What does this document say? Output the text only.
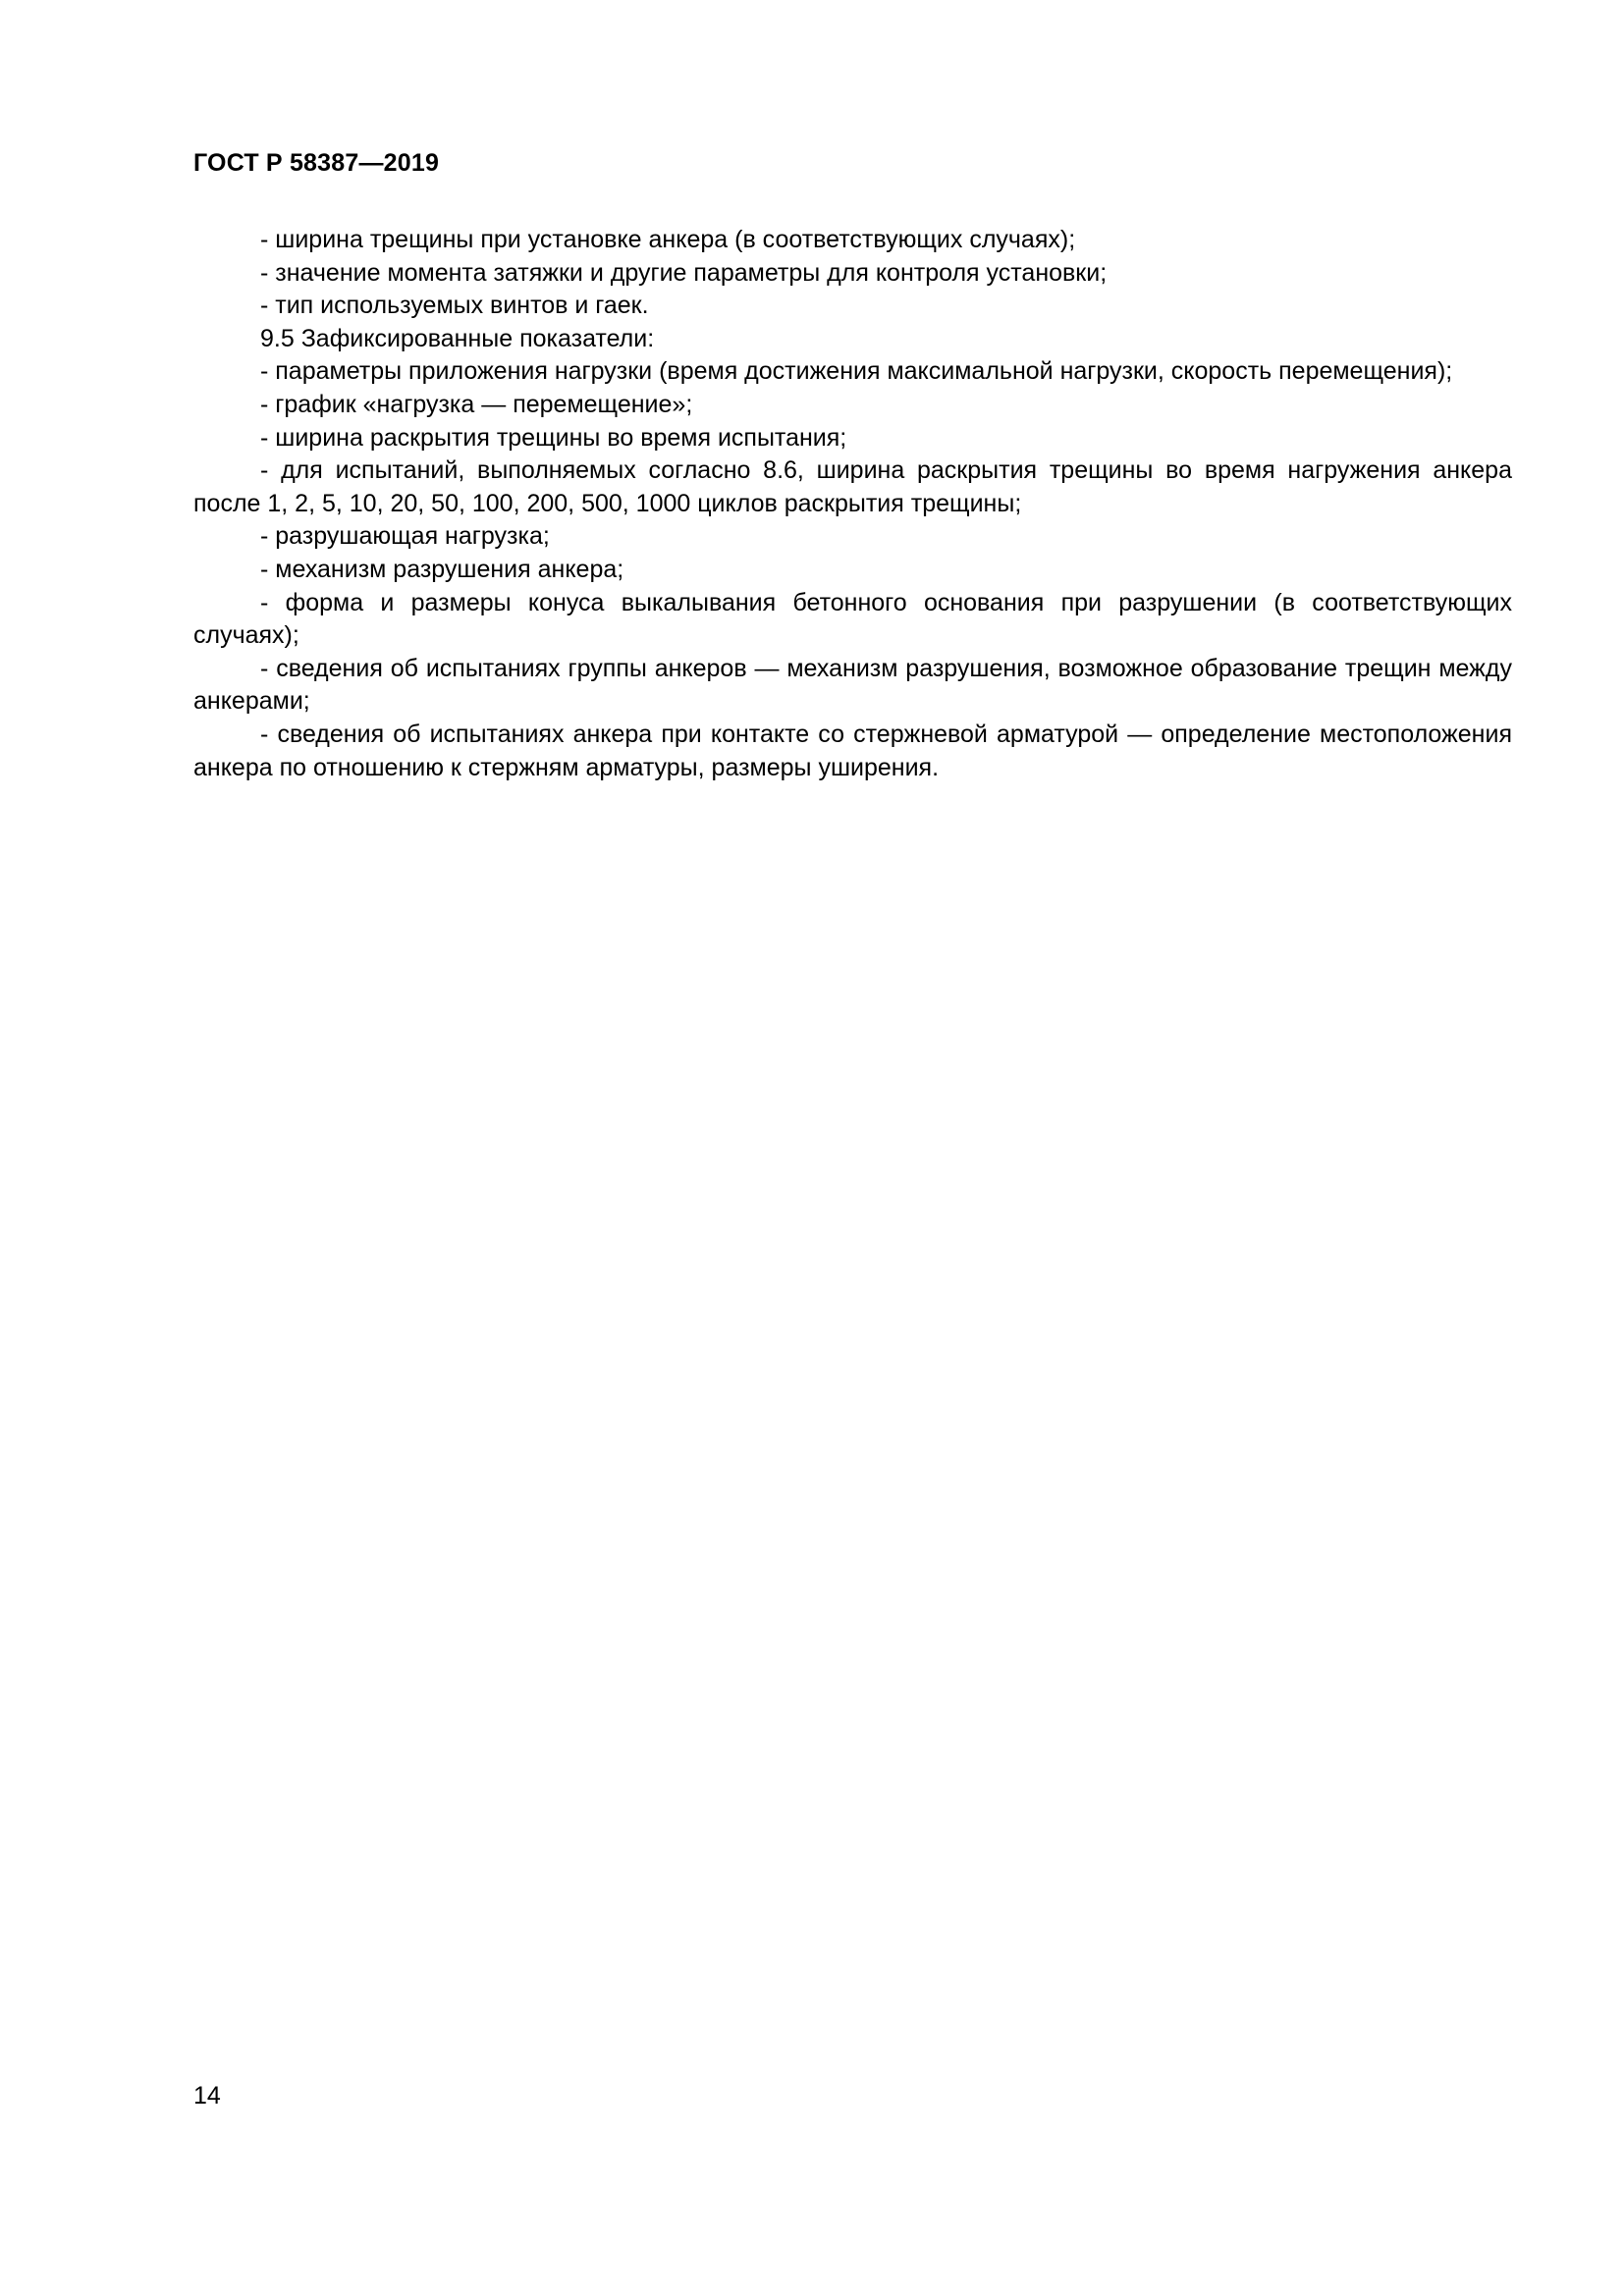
ГОСТ Р 58387—2019

- ширина трещины при установке анкера (в соответствующих случаях);

- значение момента затяжки и другие параметры для контроля установки;

- тип используемых винтов и гаек.

9.5 Зафиксированные показатели:

- параметры приложения нагрузки (время достижения максимальной нагрузки, скорость перемещения);

- график «нагрузка — перемещение»;

- ширина раскрытия трещины во время испытания;

- для испытаний, выполняемых согласно 8.6, ширина раскрытия трещины во время нагружения анкера после 1, 2, 5, 10, 20, 50, 100, 200, 500, 1000 циклов раскрытия трещины;

- разрушающая нагрузка;

- механизм разрушения анкера;

- форма и размеры конуса выкалывания бетонного основания при разрушении (в соответствующих случаях);

- сведения об испытаниях группы анкеров — механизм разрушения, возможное образование трещин между анкерами;

- сведения об испытаниях анкера при контакте со стержневой арматурой — определение местоположения анкера по отношению к стержням арматуры, размеры уширения.

14
